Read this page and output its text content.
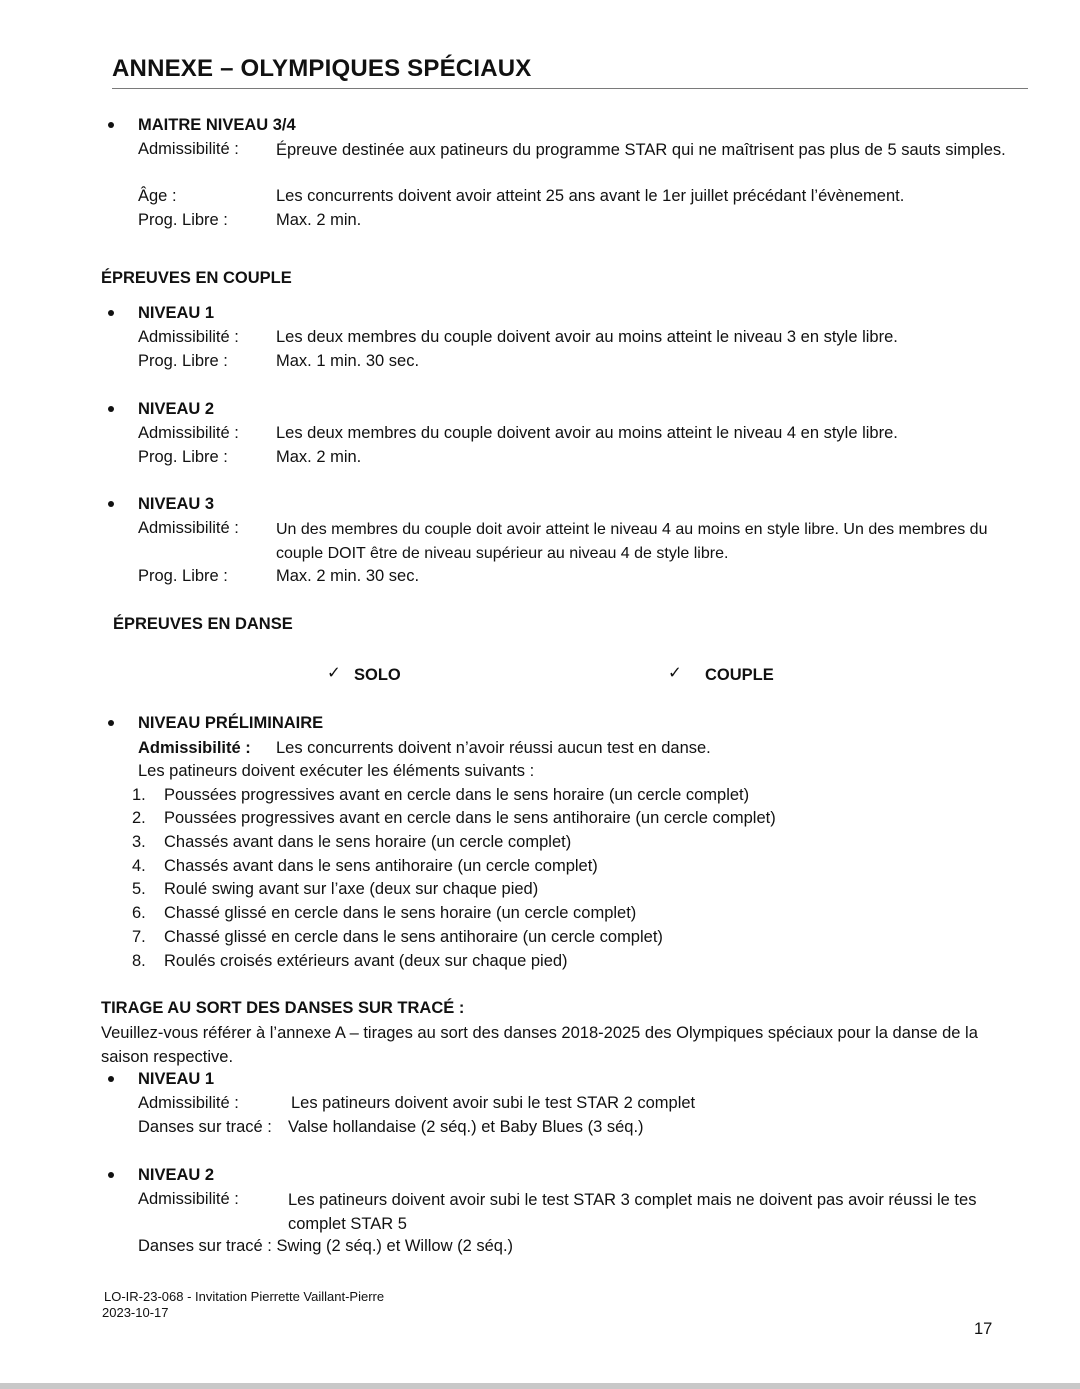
ANNEXE – OLYMPIQUES SPÉCIAUX
MAITRE NIVEAU 3/4
Admissibilité : Épreuve destinée aux patineurs du programme STAR qui ne maîtrisent pas plus de 5 sauts simples.
Âge :	Les concurrents doivent avoir atteint 25 ans avant le 1er juillet précédant l’évènement.
Prog. Libre :	Max. 2 min.
ÉPREUVES EN COUPLE
NIVEAU 1
Admissibilité : Les deux membres du couple doivent avoir au moins atteint le niveau 3 en style libre.
Prog. Libre :	Max. 1 min. 30 sec.
NIVEAU 2
Admissibilité : Les deux membres du couple doivent avoir au moins atteint le niveau 4 en style libre.
Prog. Libre :	Max. 2 min.
NIVEAU 3
Admissibilité : Un des membres du couple doit avoir atteint le niveau 4 au moins en style libre. Un des membres du couple DOIT être de niveau supérieur au niveau 4 de style libre.
Prog. Libre :	Max. 2 min. 30 sec.
ÉPREUVES EN DANSE
✓ SOLO	✓ COUPLE
NIVEAU PRÉLIMINAIRE
Admissibilité : Les concurrents doivent n’avoir réussi aucun test en danse.
Les patineurs doivent exécuter les éléments suivants :
1. Poussées progressives avant en cercle dans le sens horaire (un cercle complet)
2. Poussées progressives avant en cercle dans le sens antihoraire (un cercle complet)
3. Chassés avant dans le sens horaire (un cercle complet)
4. Chassés avant dans le sens antihoraire (un cercle complet)
5. Roulé swing avant sur l’axe (deux sur chaque pied)
6. Chassé glissé en cercle dans le sens horaire (un cercle complet)
7. Chassé glissé en cercle dans le sens antihoraire (un cercle complet)
8. Roulés croisés extérieurs avant (deux sur chaque pied)
TIRAGE AU SORT DES DANSES SUR TRACÉ :
Veuillez-vous référer à l’annexe A – tirages au sort des danses 2018-2025 des Olympiques spéciaux pour la danse de la saison respective.
NIVEAU 1
Admissibilité :	Les patineurs doivent avoir subi le test STAR 2 complet
Danses sur tracé : Valse hollandaise (2 séq.) et Baby Blues (3 séq.)
NIVEAU 2
Admissibilité :	Les patineurs doivent avoir subi le test STAR 3 complet mais ne doivent pas avoir réussi le tes complet STAR 5
Danses sur tracé : Swing (2 séq.) et Willow (2 séq.)
LO-IR-23-068 - Invitation Pierrette Vaillant-Pierre
2023-10-17
17
